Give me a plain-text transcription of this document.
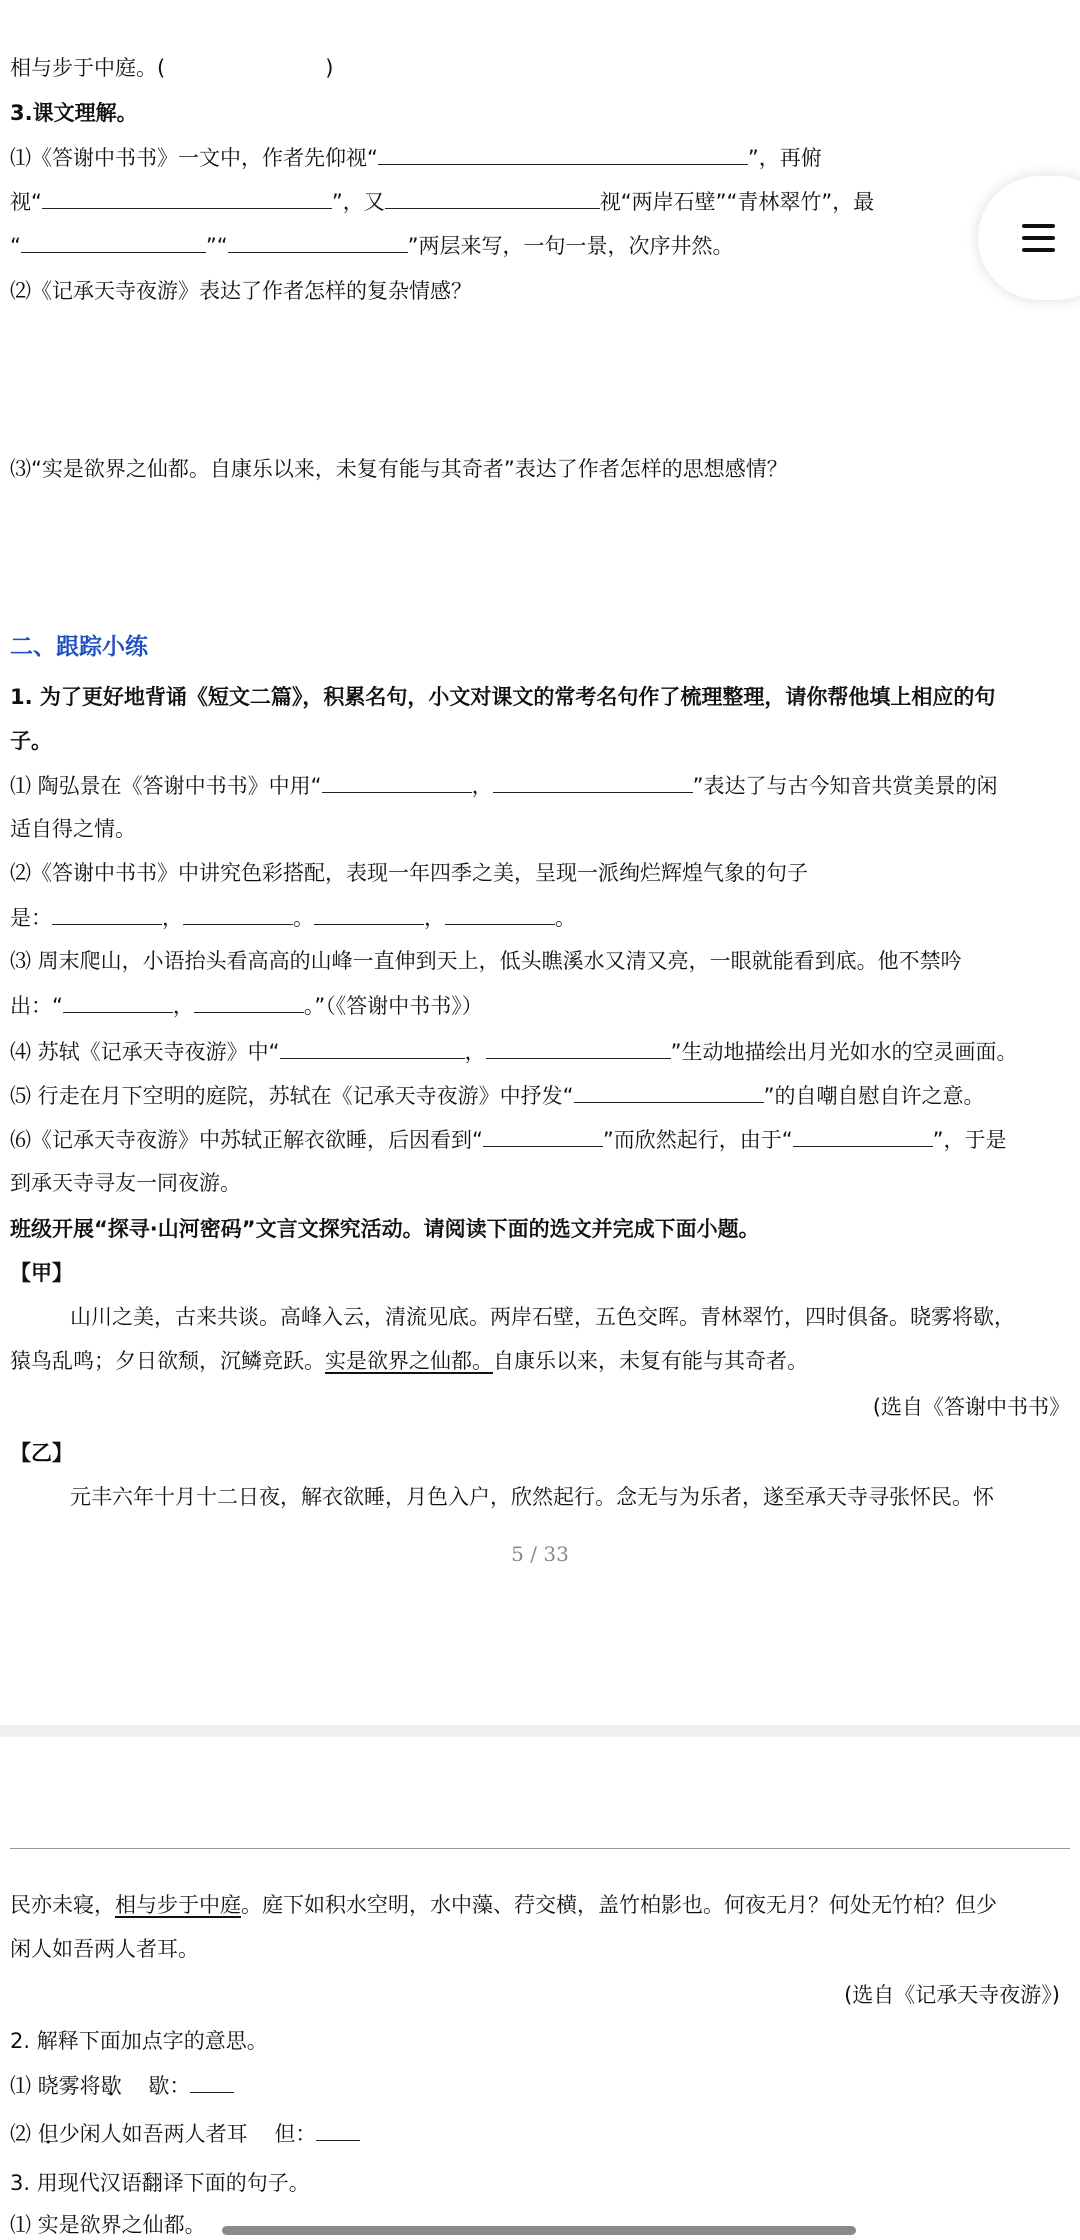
相与步于中庭。(	)
3.课文理解。
⑴《答谢中书书》一文中，作者先仰视“	”，再俯
视“	”，又	视“两岸石壁”“青林翠竹”，最
“	”“	”两层来写，一句一景，次序井然。
⑵《记承天寺夜游》表达了作者怎样的复杂情感？
⑶“实是欲界之仙都。自康乐以来，未复有能与其奇者”表达了作者怎样的思想感情？
二、跟踪小练
1. 为了更好地背诵《短文二篇》，积累名句，小文对课文的常考名句作了梳理整理，请你帮他填上相应的句
子。
⑴ 陶弘景在《答谢中书书》中用“	，	”表达了与古今知音共赏美景的闲
适自得之情。
⑵《答谢中书书》中讲究色彩搭配，表现一年四季之美，呈现一派绚烂辉煌气象的句子
是：	，	。	，	。
⑶ 周末爬山，小语抬头看高高的山峰一直伸到天上，低头瞧溪水又清又亮，一眼就能看到底。他不禁吟
出：“	，	。”（《答谢中书书》）
⑷ 苏轼《记承天寺夜游》中“	，	”生动地描绘出月光如水的空灵画面。
⑸ 行走在月下空明的庭院，苏轼在《记承天寺夜游》中抒发“	”的自嘲自慰自许之意。
⑹《记承天寺夜游》中苏轼正解衣欲睡，后因看到“	”而欣然起行，由于“	”，于是
到承天寺寻友一同夜游。
班级开展“探寻·山河密码”文言文探究活动。请阅读下面的选文并完成下面小题。
【甲】
山川之美，古来共谈。高峰入云，清流见底。两岸石壁，五色交晖。青林翠竹，四时俱备。晓雾将歇，
猿鸟乱鸣；夕日欲颓，沉鳞竞跃。实是欲界之仙都。自康乐以来，未复有能与其奇者。
(选自《答谢中书书》
【乙】
元丰六年十月十二日夜，解衣欲睡，月色入户，欣然起行。念无与为乐者，遂至承天寺寻张怀民。怀
5 / 33
民亦未寝，相与步于中庭。庭下如积水空明，水中藻、荇交横，盖竹柏影也。何夜无月？何处无竹柏？但少
闲人如吾两人者耳。
(选自《记承天寺夜游》)
2. 解释下面加点字的意思。
⑴ 晓雾将歇    歇：
⑵ 但少闲人如吾两人者耳    但：
3. 用现代汉语翻译下面的句子。
⑴ 实是欲界之仙都。
